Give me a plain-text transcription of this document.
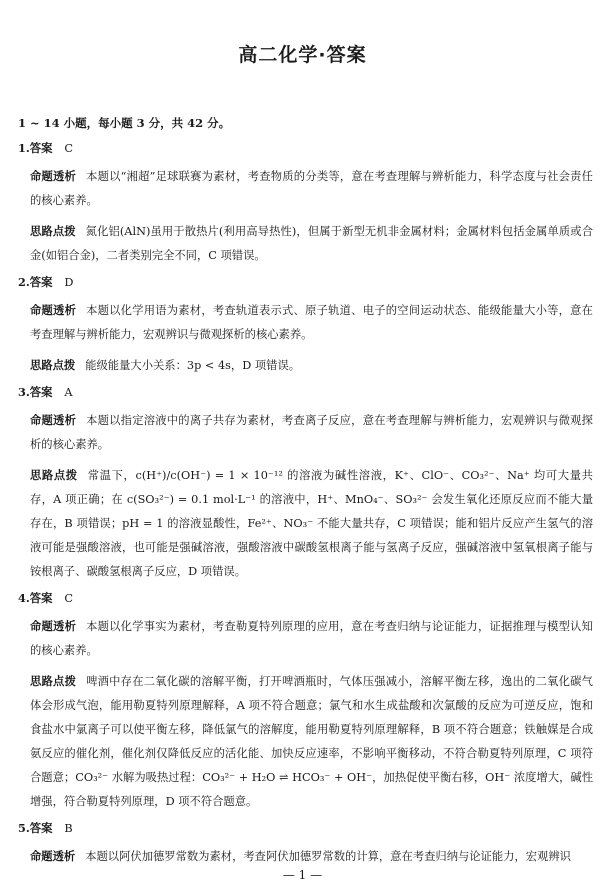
高二化学·答案
1 ~ 14 小题，每小题 3 分，共 42 分。
1.答案 C
命题透析 本题以“湘超”足球联赛为素材，考查物质的分类等，意在考查理解与辨析能力，科学态度与社会责任的核心素养。
思路点拨 氮化铝(AlN)虽用于散热片(利用高导热性)，但属于新型无机非金属材料；金属材料包括金属单质或合金(如铝合金)，二者类别完全不同，C 项错误。
2.答案 D
命题透析 本题以化学用语为素材，考查轨道表示式、原子轨道、电子的空间运动状态、能级能量大小等，意在考查理解与辨析能力，宏观辨识与微观探析的核心素养。
思路点拨 能级能量大小关系：3p < 4s，D 项错误。
3.答案 A
命题透析 本题以指定溶液中的离子共存为素材，考查离子反应，意在考查理解与辨析能力，宏观辨识与微观探析的核心素养。
思路点拨 常温下，c(H⁺)/c(OH⁻) = 1 × 10⁻¹² 的溶液为碱性溶液，K⁺、ClO⁻、CO₃²⁻、Na⁺ 均可大量共存，A 项正确；在 c(SO₃²⁻) = 0.1 mol·L⁻¹ 的溶液中，H⁺、MnO₄⁻、SO₃²⁻ 会发生氧化还原反应而不能大量存在，B 项错误；pH = 1 的溶液显酸性，Fe²⁺、NO₃⁻ 不能大量共存，C 项错误；能和铝片反应产生氢气的溶液可能是强酸溶液，也可能是强碱溶液，强酸溶液中碳酸氢根离子能与氢离子反应，强碱溶液中氢氧根离子能与铵根离子、碳酸氢根离子反应，D 项错误。
4.答案 C
命题透析 本题以化学事实为素材，考查勒夏特列原理的应用，意在考查归纳与论证能力，证据推理与模型认知的核心素养。
思路点拨 啤酒中存在二氧化碳的溶解平衡，打开啤酒瓶时，气体压强减小，溶解平衡左移，逸出的二氧化碳气体会形成气泡，能用勒夏特列原理解释，A 项不符合题意；氯气和水生成盐酸和次氯酸的反应为可逆反应，饱和食盐水中氯离子可以使平衡左移，降低氯气的溶解度，能用勒夏特列原理解释，B 项不符合题意；铁触媒是合成氨反应的催化剂，催化剂仅降低反应的活化能、加快反应速率，不影响平衡移动，不符合勒夏特列原理，C 项符合题意；CO₃²⁻ 水解为吸热过程：CO₃²⁻ + H₂O ⇌ HCO₃⁻ + OH⁻，加热促使平衡右移，OH⁻ 浓度增大，碱性增强，符合勒夏特列原理，D 项不符合题意。
5.答案 B
命题透析 本题以阿伏加德罗常数为素材，考查阿伏加德罗常数的计算，意在考查归纳与论证能力，宏观辨识
— 1 —
